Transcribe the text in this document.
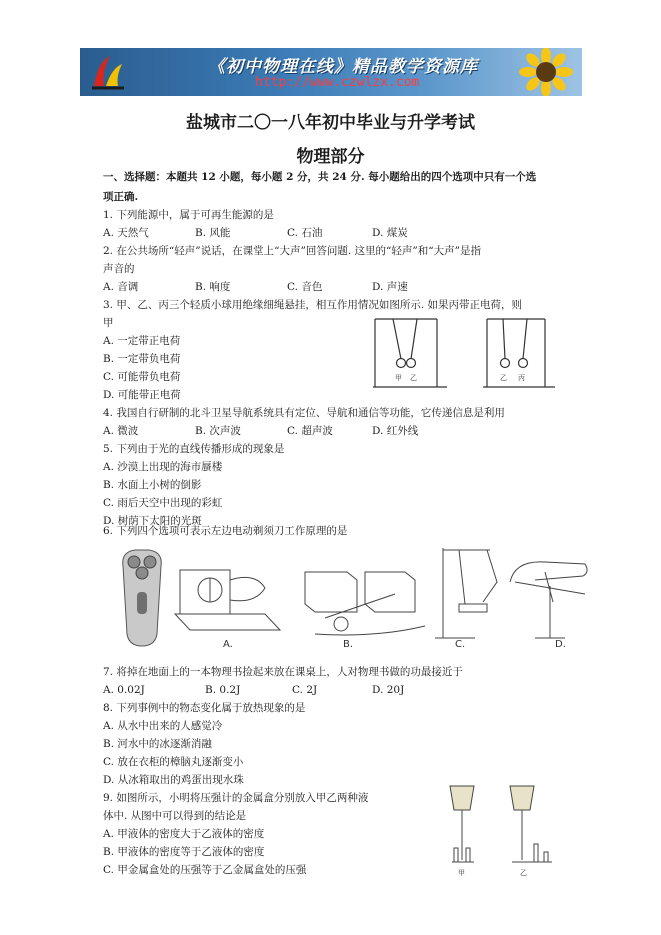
《初中物理在线》精品教学资源库
http://www.czwlzx.com
盐城市二〇一八年初中毕业与升学考试
物理部分
一、选择题：本题共 12 小题，每小题 2 分，共 24 分. 每小题给出的四个选项中只有一个选
项正确.
1. 下列能源中，属于可再生能源的是
A. 天然气	B. 风能	C. 石油	D. 煤炭
2. 在公共场所“轻声”说话，在课堂上“大声”回答问题. 这里的“轻声”和“大声”是指
声音的
A. 音调	B. 响度	C. 音色	D. 声速
3. 甲、乙、丙三个轻质小球用绝缘细绳悬挂，相互作用情况如图所示. 如果丙带正电荷，则
甲
A. 一定带正电荷
B. 一定带负电荷
C. 可能带负电荷
D. 可能带正电荷
甲 乙	乙 丙
4. 我国自行研制的北斗卫星导航系统具有定位、导航和通信等功能，它传递信息是利用
A. 微波	B. 次声波	C. 超声波	D. 红外线
5. 下列由于光的直线传播形成的现象是
A. 沙漠上出现的海市蜃楼
B. 水面上小树的倒影
C. 雨后天空中出现的彩虹
D. 树荫下太阳的光斑
6. 下列四个选项可表示左边电动剃须刀工作原理的是
A.	B.	C.	D.
7. 将掉在地面上的一本物理书捡起来放在课桌上，人对物理书做的功最接近于
A. 0.02J	B. 0.2J	C. 2J	D. 20J
8. 下列事例中的物态变化属于放热现象的是
A. 从水中出来的人感觉冷
B. 河水中的冰逐渐消融
C. 放在衣柜的樟脑丸逐渐变小
D. 从冰箱取出的鸡蛋出现水珠
9. 如图所示，小明将压强计的金属盒分别放入甲乙两种液
体中. 从图中可以得到的结论是
A. 甲液体的密度大于乙液体的密度
B. 甲液体的密度等于乙液体的密度
C. 甲金属盒处的压强等于乙金属盒处的压强	甲	乙
